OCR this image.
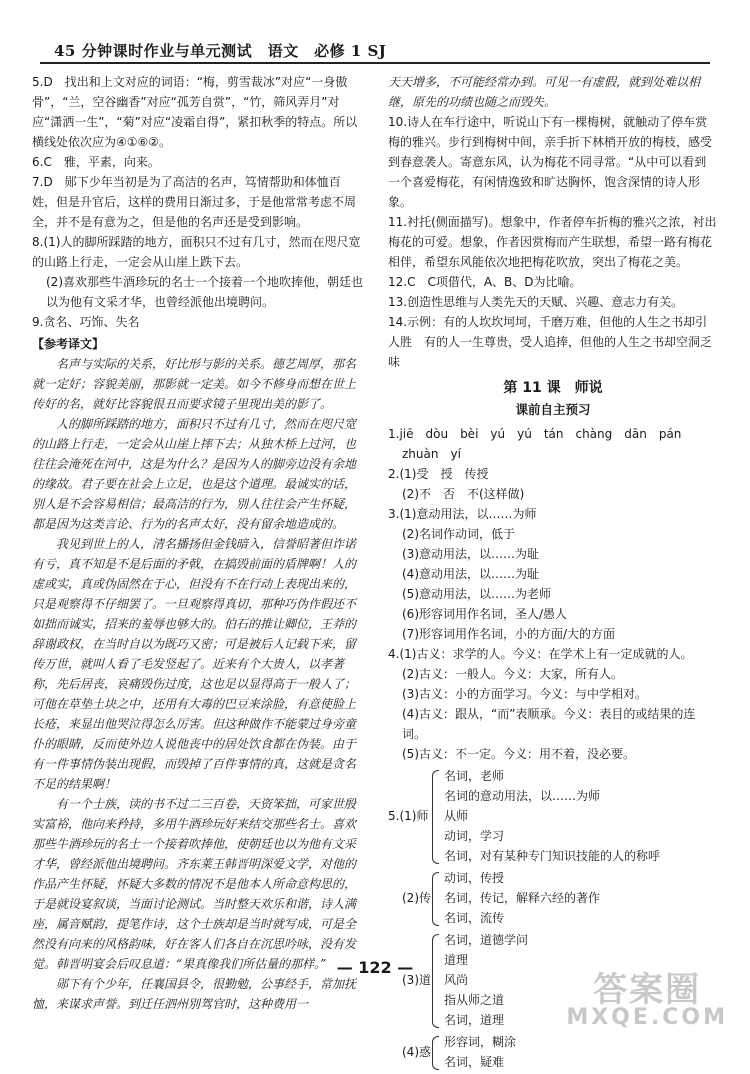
45 分钟课时作业与单元测试　语文　必修 1 SJ

5.D　找出和上文对应的词语：“梅，剪雪裁冰”对应“一身傲骨”，“兰，空谷幽香”对应“孤芳自赏”，“竹，筛风弄月”对应“潇洒一生”，“菊”对应“凌霜自得”，紧扣秋季的特点。所以横线处依次应为④①⑥②。

6.C　雅，平素，向来。

7.D　郧下少年当初是为了高洁的名声，笃情帮助和体恤百姓，但是升官后，这样的费用日渐过多，于是他常常考虑不周全，并不是有意为之，但是他的名声还是受到影响。

8.(1)人的脚所踩踏的地方，面积只不过有几寸，然而在咫尺宽的山路上行走，一定会从山崖上跌下去。

(2)喜欢那些牛酒珍玩的名士一个接着一个地吹捧他，朝廷也以为他有文采才华，也曾经派他出境聘问。

9.贪名、巧饰、失名

【参考译文】

名声与实际的关系，好比形与影的关系。德艺周厚，那名就一定好；容貌美丽，那影就一定美。如今不修身而想在世上传好的名，就好比容貌很丑而要求镜子里现出美的影了。

人的脚所踩踏的地方，面积只不过有几寸，然而在咫尺宽的山路上行走，一定会从山崖上摔下去；从独木桥上过河，也往往会淹死在河中，这是为什么？是因为人的脚旁边没有余地的缘故。君子要在社会上立足，也是这个道理。最诚实的话，别人是不会容易相信；最高洁的行为，别人往往会产生怀疑，都是因为这类言论、行为的名声太好，没有留余地造成的。

我见到世上的人，清名播扬但金钱暗入，信誉昭著但诈诺有亏，真不知是不是后面的矛戟，在搞毁前面的盾牌啊！人的虚或实，真或伪固然在于心，但没有不在行动上表现出来的，只是观察得不仔细罢了。一旦观察得真切，那种巧伪作假还不如拙而诚实，招来的羞辱也够大的。伯石的推让卿位，王莽的辞谢政权，在当时自以为既巧又密；可是被后人记载下来，留传万世，就叫人看了毛发竖起了。近来有个大贵人，以孝著称，先后居丧，哀痛毁伤过度，这也足以显得高于一般人了；可他在草垫土块之中，还用有大毒的巴豆来涂脸，有意使脸上长疮，来显出他哭泣得怎么厉害。但这种做作不能蒙过身旁童仆的眼睛，反而使外边人说他丧中的居处饮食都在伪装。由于有一件事情伪装出现假，而毁掉了百件事情的真，这就是贪名不足的结果啊！

有一个士族，读的书不过二三百卷，天资笨拙，可家世殷实富裕，他向来矜持，多用牛酒珍玩好来结交那些名士。喜欢那些牛酒珍玩的名士一个接着吹捧他，使朝廷也以为他有文采才华，曾经派他出境聘问。齐东莱王韩晋明深爱文学，对他的作品产生怀疑，怀疑大多数的情况不是他本人所命意构思的，于是就设宴叙谈，当面讨论测试。当时整天欢乐和谐，诗人满座，属音赋韵，提笔作诗，这个士族却是当时就写成，可是全然没有向来的风格韵味，好在客人们各自在沉思吟咏，没有发觉。韩晋明宴会后叹息道：“果真像我们所估量的那样。”

郧下有个少年，任襄国县令，很勤勉，公事经手，常加抚恤，来谋求声誉。到迁任泗州别驾官时，这种费用一

天天增多，不可能经常办到。可见一有虚假，就到处难以相继，原先的功绩也随之而毁失。

10.诗人在车行途中，听说山下有一棵梅树，就触动了停车赏梅的雅兴。步行到梅树中间，亲手折下林梢开放的梅枝，感受到春意袭人。寄意东风，认为梅花不同寻常。“从中可以看到一个喜爱梅花，有闲情逸致和旷达胸怀，饱含深情的诗人形象。

11.衬托(侧面描写)。想象中，作者停车折梅的雅兴之浓，衬出梅花的可爱。想象，作者因赏梅而产生联想，希望一路有梅花相伴，希望东风能依次地把梅花吹放，突出了梅花之美。

12.C　C项借代，A、B、D为比喻。

13.创造性思维与人类先天的天赋、兴趣、意志力有关。

14.示例：有的人坎坎坷坷，千磨万难，但他的人生之书却引人胜　有的人一生尊贵，受人追捧，但他的人生之书却空洞乏味

第 11 课　师说
课前自主预习

1.jiē　dòu　bèi　yú　yú　tán　chàng　dān　pán

zhuàn　yí

2.(1)受　授　传授

(2)不　否　不(这样做)

3.(1)意动用法，以……为师

(2)名词作动词，低于

(3)意动用法，以……为耻

(4)意动用法，以……为耻

(5)意动用法，以……为老师

(6)形容词用作名词，圣人/愚人

(7)形容词用作名词，小的方面/大的方面

4.(1)古义：求学的人。今义：在学术上有一定成就的人。

(2)古义：一般人。今义：大家，所有人。

(3)古义：小的方面学习。今义：与中学相对。

(4)古义：跟从，“而”表顺承。今义：表目的或结果的连词。

(5)古义：不一定。今义：用不着，没必要。

5.(1)师
名词，老师
名词的意动用法，以……为师
从师
动词，学习
名词，对有某种专门知识技能的人的称呼
(2)传
动词，传授
名词，传记，解释六经的著作
名词，流传
(3)道
名词，道德学问
道理
风尚
指从师之道
名词，道理
(4)惑
形容词，糊涂
名词，疑难
— 122 —
答案圈
MXQE.COM
